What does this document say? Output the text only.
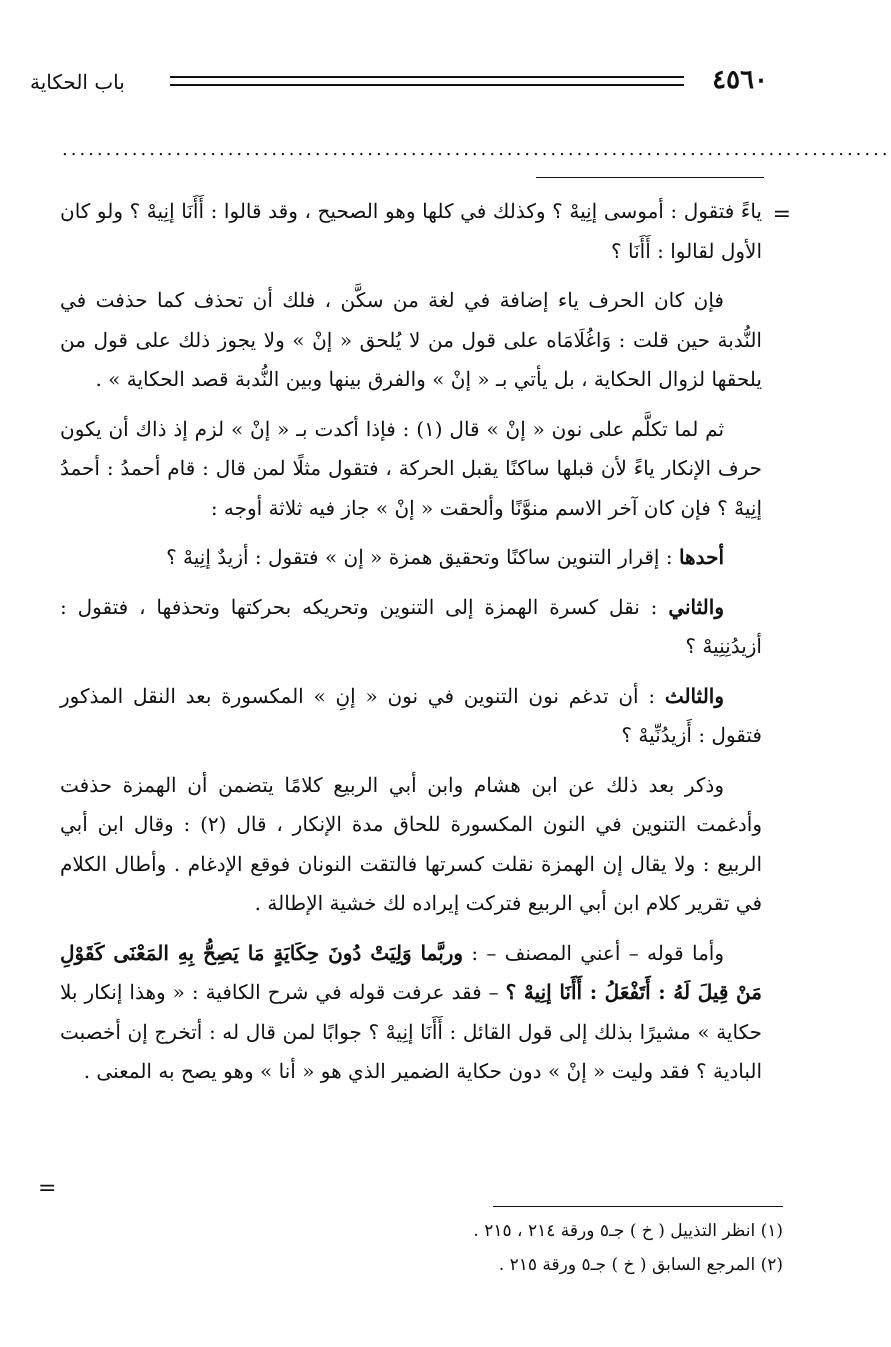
٤٥٦٠
باب الحكاية
...............................................................................................
=

ياءً فتقول : أموسى إنِيهْ ؟ وكذلك في كلها وهو الصحيح ، وقد قالوا : أَأَنَا إنِيهْ ؟ ولو كان الأول لقالوا : أَأَنَا ؟

فإن كان الحرف ياء إضافة في لغة من سكَّن ، فلك أن تحذف كما حذفت في النُّدبة حين قلت : وَاغُلَامَاه على قول من لا يُلحق « إنْ » ولا يجوز ذلك على قول من يلحقها لزوال الحكاية ، بل يأتي بـ « إنْ » والفرق بينها وبين النُّدبة قصد الحكاية » .

ثم لما تكلَّم على نون « إنْ » قال (١) : فإذا أكدت بـ « إنْ » لزم إذ ذاك أن يكون حرف الإنكار ياءً لأن قبلها ساكنًا يقبل الحركة ، فتقول مثلًا لمن قال : قام أحمدُ : أحمدُ إنِيهْ ؟ فإن كان آخر الاسم منوَّنًا وألحقت « إنْ » جاز فيه ثلاثة أوجه :

أحدها : إقرار التنوين ساكنًا وتحقيق همزة « إن » فتقول : أزيدٌ إنِيهْ ؟

والثاني : نقل كسرة الهمزة إلى التنوين وتحريكه بحركتها وتحذفها ، فتقول : أزيدُنِنِيهْ ؟

والثالث : أن تدغم نون التنوين في نون « إنِ » المكسورة بعد النقل المذكور فتقول : أَزيدُنِّيهْ ؟

وذكر بعد ذلك عن ابن هشام وابن أبي الربيع كلامًا يتضمن أن الهمزة حذفت وأدغمت التنوين في النون المكسورة للحاق مدة الإنكار ، قال (٢) : وقال ابن أبي الربيع : ولا يقال إن الهمزة نقلت كسرتها فالتقت النونان فوقع الإدغام . وأطال الكلام في تقرير كلام ابن أبي الربيع فتركت إيراده لك خشية الإطالة .

وأما قوله – أعني المصنف – : وربَّما وَلِيَتْ دُونَ حِكَايَةٍ مَا يَصِحُّ بِهِ المَعْنَى كَقَوْلِ مَنْ قِيلَ لَهُ : أَتَفْعَلُ : أَأَنَا إنِيهْ ؟ – فقد عرفت قوله في شرح الكافية : « وهذا إنكار بلا حكاية » مشيرًا بذلك إلى قول القائل : أَأَنَا إنِيهْ ؟ جوابًا لمن قال له : أتخرج إن أخصبت البادية ؟ فقد وليت « إنْ » دون حكاية الضمير الذي هو « أنا » وهو يصح به المعنى .

=
(١) انظر التذييل ( خ ) جـ٥ ورقة ٢١٤ ، ٢١٥ .
(٢) المرجع السابق ( خ ) جـ٥ ورقة ٢١٥ .
